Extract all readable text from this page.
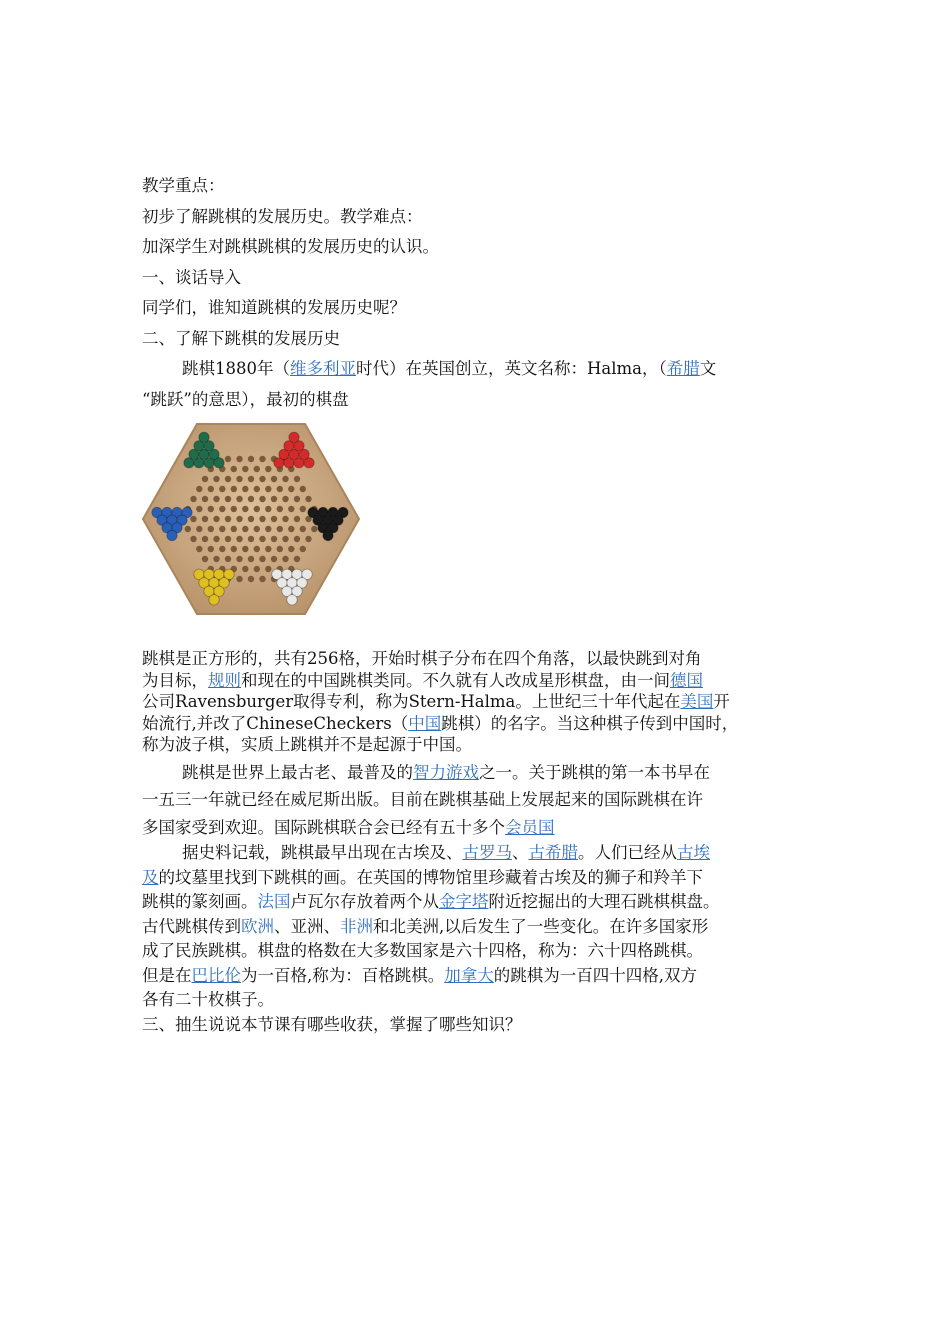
教学重点：

初步了解跳棋的发展历史。教学难点：

加深学生对跳棋跳棋的发展历史的认识。

一、谈话导入

同学们，谁知道跳棋的发展历史呢？

二、了解下跳棋的发展历史

跳棋1880年（维多利亚时代）在英国创立，英文名称：Halma，（希腊文

“跳跃”的意思），最初的棋盘

跳棋是正方形的，共有256格，开始时棋子分布在四个角落，以最快跳到对角

为目标，规则和现在的中国跳棋类同。不久就有人改成星形棋盘，由一间德国

公司Ravensburger取得专利，称为Stern-Halma。上世纪三十年代起在美国开

始流行,并改了ChineseCheckers（中国跳棋）的名字。当这种棋子传到中国时，

称为波子棋，实质上跳棋并不是起源于中国。

跳棋是世界上最古老、最普及的智力游戏之一。关于跳棋的第一本书早在

一五三一年就已经在威尼斯出版。目前在跳棋基础上发展起来的国际跳棋在许

多国家受到欢迎。国际跳棋联合会已经有五十多个会员国

据史料记载，跳棋最早出现在古埃及、古罗马、古希腊。人们已经从古埃

及的坟墓里找到下跳棋的画。在英国的博物馆里珍藏着古埃及的狮子和羚羊下

跳棋的篆刻画。法国卢瓦尔存放着两个从金字塔附近挖掘出的大理石跳棋棋盘。

古代跳棋传到欧洲、亚洲、非洲和北美洲,以后发生了一些变化。在许多国家形

成了民族跳棋。棋盘的格数在大多数国家是六十四格，称为：六十四格跳棋。

但是在巴比伦为一百格,称为：百格跳棋。加拿大的跳棋为一百四十四格,双方

各有二十枚棋子。

三、抽生说说本节课有哪些收获，掌握了哪些知识？
